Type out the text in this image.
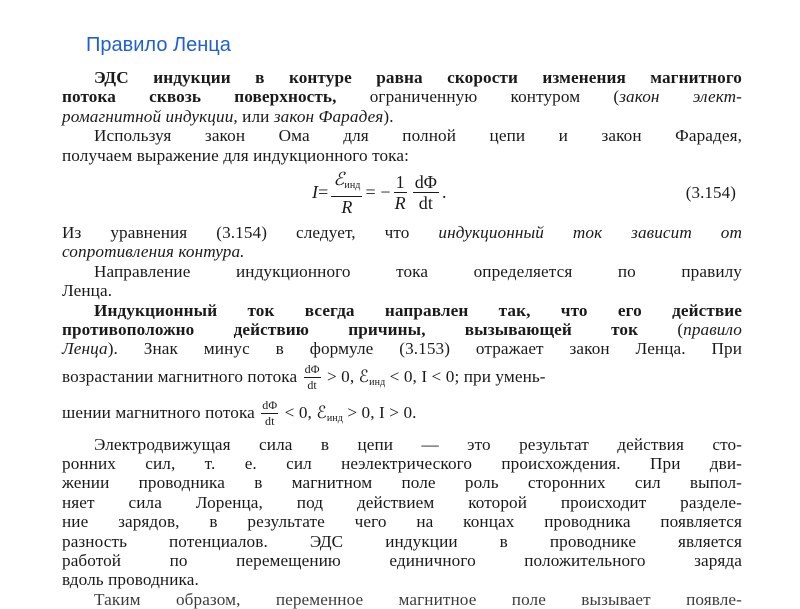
Правило Ленца
ЭДС индукции в контуре равна скорости изменения магнитного
потока сквозь поверхность, ограниченную контуром (закон элект-
ромагнитной индукции, или закон Фарадея).
Используя закон Ома для полной цепи и закон Фарадея,
получаем выражение для индукционного тока:
$I = \frac{ℰ_{инд}}{R}$ = − $\frac{1}{R} \frac{d\Phi}{dt}$ .	(3.154)
Из уравнения (3.154) следует, что индукционный ток зависит от
сопротивления контура.
Направление индукционного тока определяется по правилу
Ленца.
Индукционный ток всегда направлен так, что его действие
противоположно действию причины, вызывающей ток (правило
Ленца). Знак минус в формуле (3.153) отражает закон Ленца. При
возрастании магнитного потока $\frac{d\Phi}{dt} > 0$, ℰ$_{инд}$ < 0, I < 0; при умень-
шении магнитного потока $\frac{d\Phi}{dt} < 0$, ℰ$_{инд}$ > 0, I > 0.
Электродвижущая сила в цепи — это результат действия сто-
ронних сил, т. е. сил неэлектрического происхождения. При дви-
жении проводника в магнитном поле роль сторонних сил выпол-
няет сила Лоренца, под действием которой происходит разделе-
ние зарядов, в результате чего на концах проводника появляется
разность потенциалов. ЭДС индукции в проводнике является
работой по перемещению единичного положительного заряда
вдоль проводника.
Таким образом, переменное магнитное поле вызывает появле-
